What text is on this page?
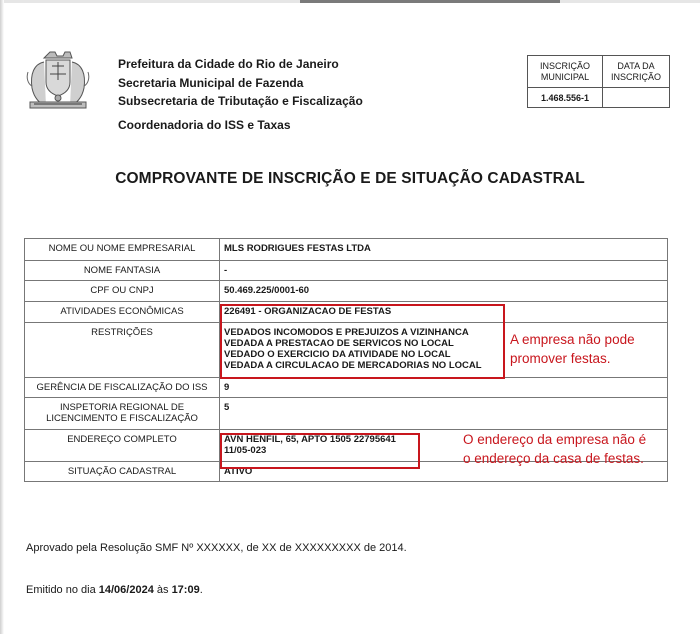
Prefeitura da Cidade do Rio de Janeiro
Secretaria Municipal de Fazenda
Subsecretaria de Tributação e Fiscalização
Coordenadoria do ISS e Taxas
INSCRIÇÃO MUNICIPAL	DATA DA INSCRIÇÃO
1.468.556-1	
COMPROVANTE DE INSCRIÇÃO E DE SITUAÇÃO CADASTRAL
NOME OU NOME EMPRESARIAL	MLS RODRIGUES FESTAS LTDA
NOME FANTASIA	-
CPF OU CNPJ	50.469.225/0001-60
ATIVIDADES ECONÔMICAS	226491 - ORGANIZACAO DE FESTAS
RESTRIÇÕES	VEDADOS INCOMODOS E PREJUIZOS A VIZINHANCA
VEDADA A PRESTACAO DE SERVICOS NO LOCAL
VEDADO O EXERCICIO DA ATIVIDADE NO LOCAL
VEDADA A CIRCULACAO DE MERCADORIAS NO LOCAL

GERÊNCIA DE FISCALIZAÇÃO DO ISS	9

INSPETORIA REGIONAL DE
LICENCIMENTO E FISCALIZAÇÃO	5
ENDEREÇO COMPLETO	AVN HENFIL, 65, APTO 1505 22795641
11/05-023

SITUAÇÃO CADASTRAL	ATIVO
A empresa não pode
promover festas.
O endereço da empresa não é
o endereço da casa de festas.
Aprovado pela Resolução SMF Nº XXXXXX, de XX de XXXXXXXXX de 2014.
Emitido no dia 14/06/2024 às 17:09.
